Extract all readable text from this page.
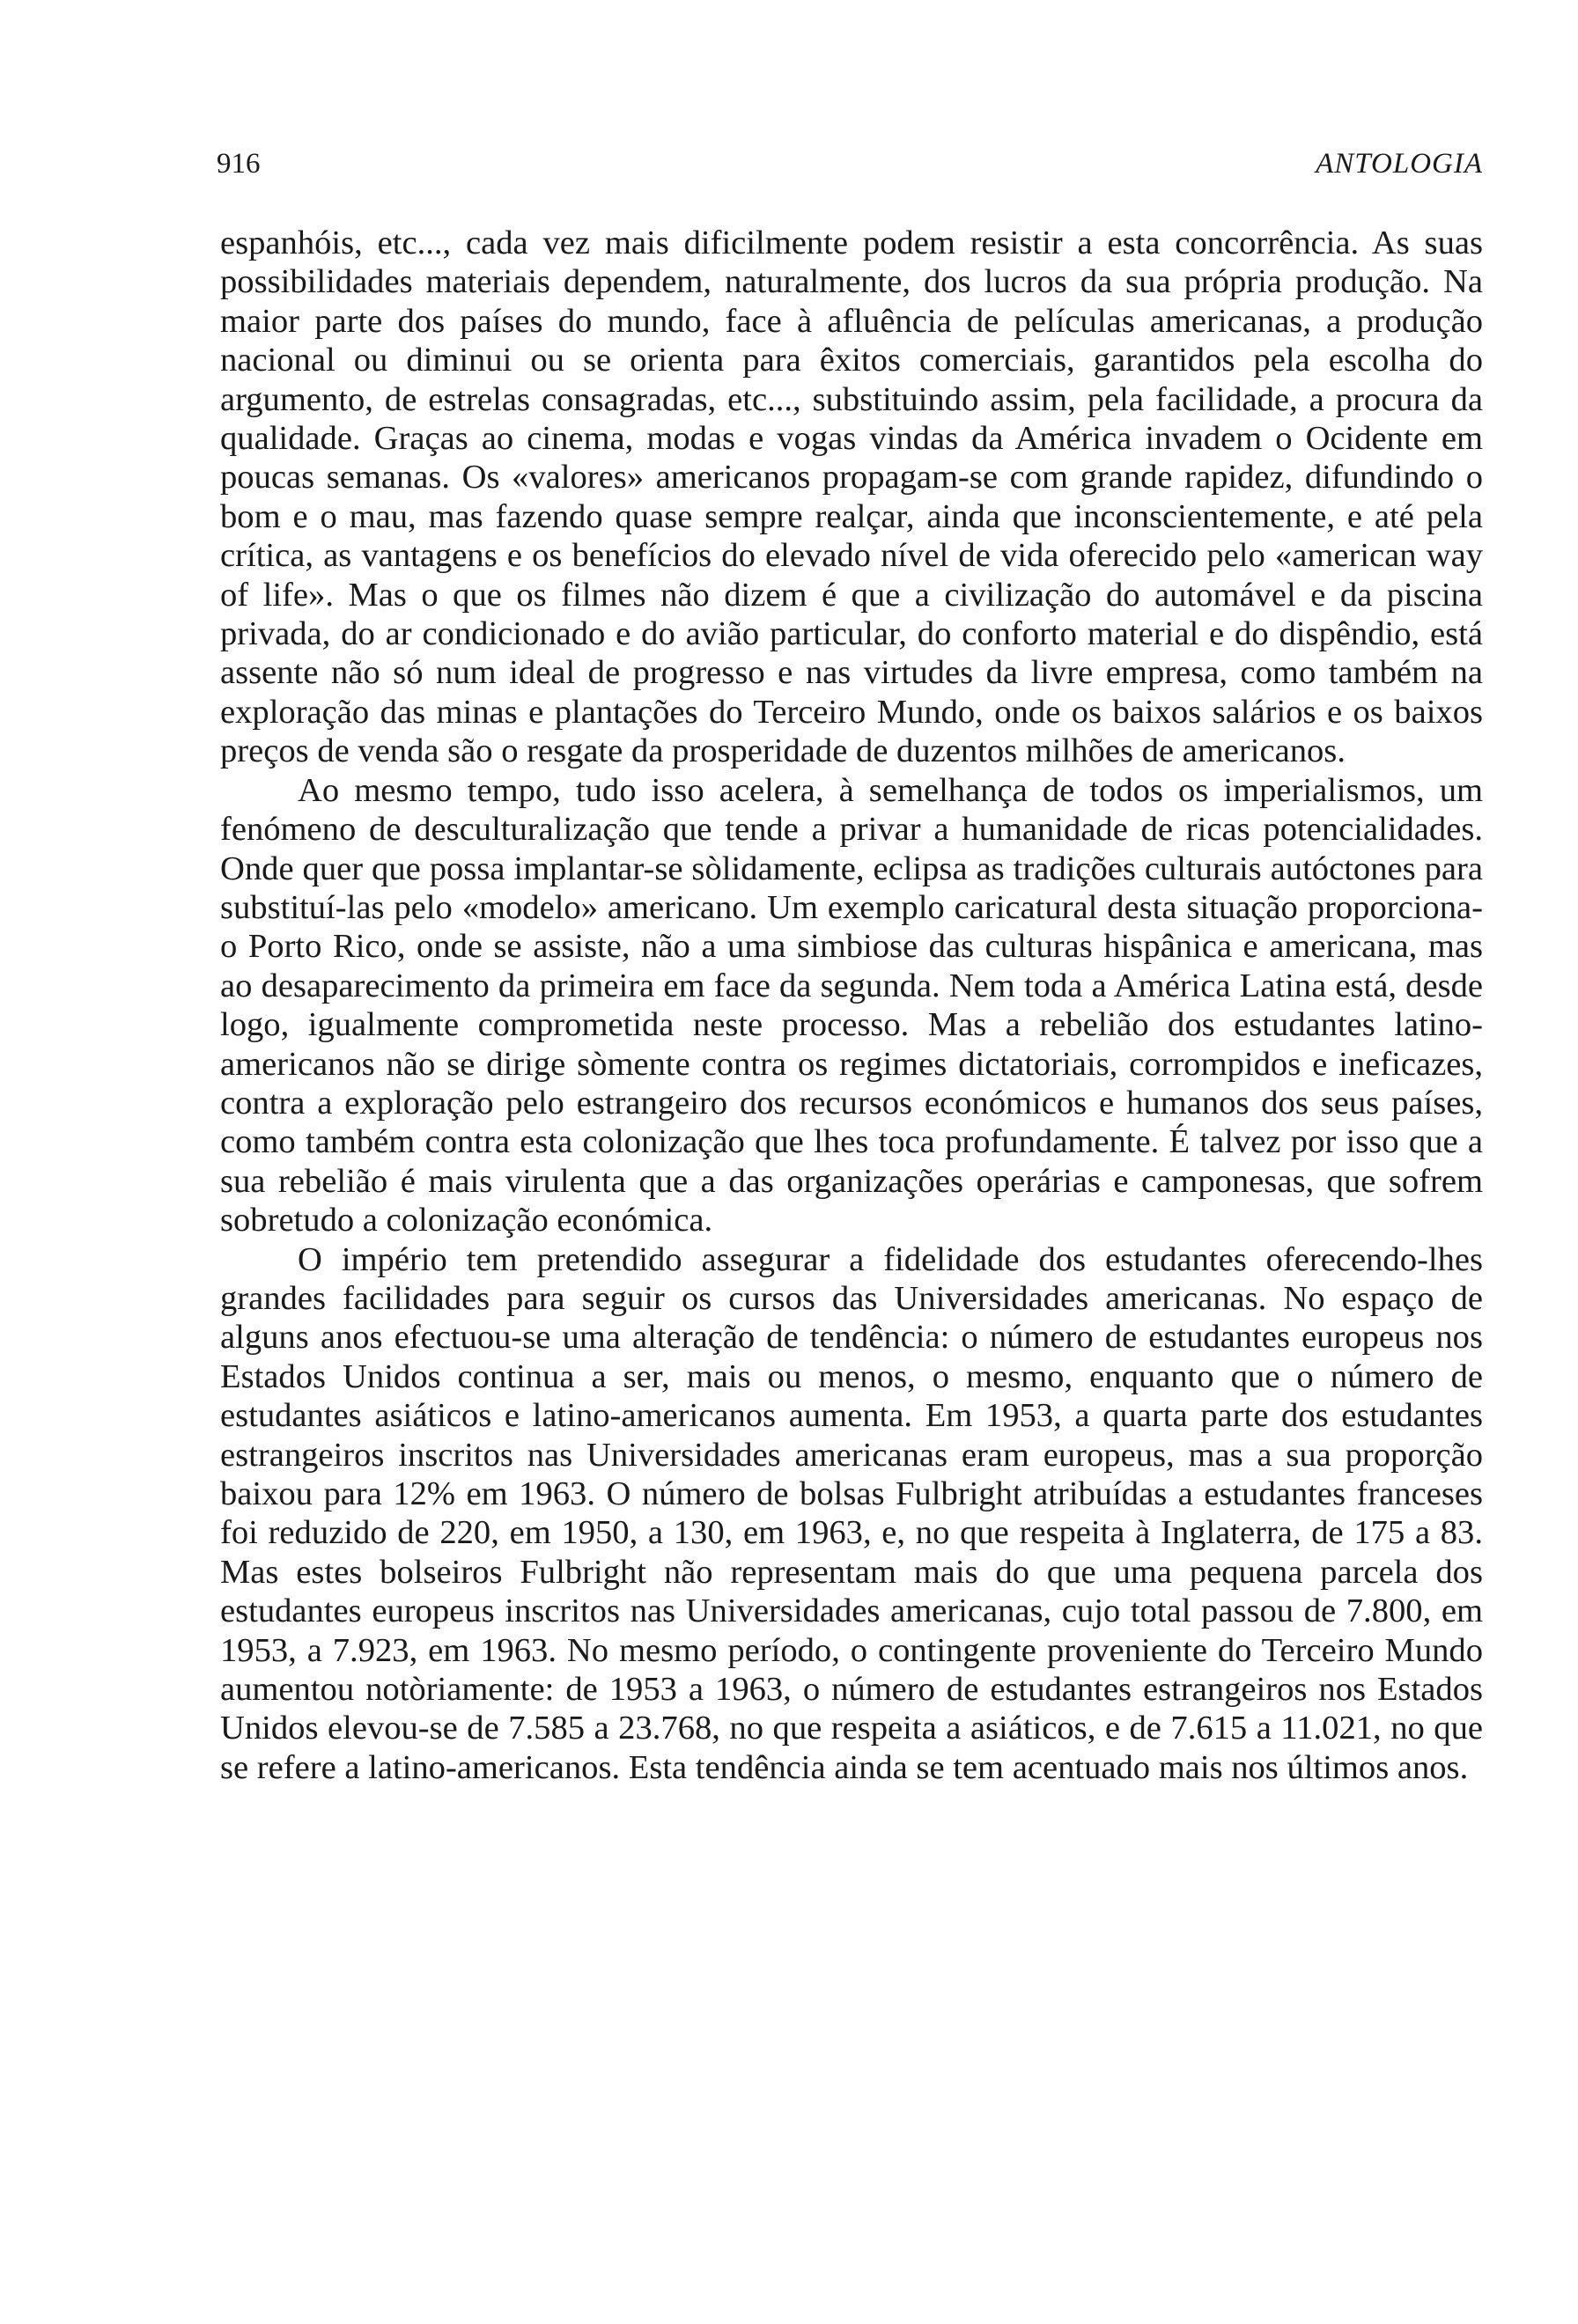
916	ANTOLOGIA

espanhóis, etc..., cada vez mais dificilmente podem resistir a esta concorrência. As suas possibilidades materiais dependem, naturalmente, dos lucros da sua própria produção. Na maior parte dos países do mundo, face à afluência de películas americanas, a produção nacional ou diminui ou se orienta para êxitos comerciais, garantidos pela escolha do argumento, de estrelas consagradas, etc..., substituindo assim, pela facilidade, a procura da qualidade. Graças ao cinema, modas e vogas vindas da América invadem o Ocidente em poucas semanas. Os «valores» americanos propagam-se com grande rapidez, difundindo o bom e o mau, mas fazendo quase sempre realçar, ainda que inconscientemente, e até pela crítica, as vantagens e os benefícios do elevado nível de vida oferecido pelo «american way of life». Mas o que os filmes não dizem é que a civilização do automável e da piscina privada, do ar condicionado e do avião particular, do conforto material e do dispêndio, está assente não só num ideal de progresso e nas virtudes da livre empresa, como também na exploração das minas e plantações do Terceiro Mundo, onde os baixos salários e os baixos preços de venda são o resgate da prosperidade de duzentos milhões de americanos.

Ao mesmo tempo, tudo isso acelera, à semelhança de todos os imperialismos, um fenómeno de desculturalização que tende a privar a humanidade de ricas potencialidades. Onde quer que possa implantar-se sòlidamente, eclipsa as tradições culturais autóctones para substituí-las pelo «modelo» americano. Um exemplo caricatural desta situação proporciona-o Porto Rico, onde se assiste, não a uma simbiose das culturas hispânica e americana, mas ao desaparecimento da primeira em face da segunda. Nem toda a América Latina está, desde logo, igualmente comprometida neste processo. Mas a rebelião dos estudantes latino-americanos não se dirige sòmente contra os regimes dictatoriais, corrompidos e ineficazes, contra a exploração pelo estrangeiro dos recursos económicos e humanos dos seus países, como também contra esta colonização que lhes toca profundamente. É talvez por isso que a sua rebelião é mais virulenta que a das organizações operárias e camponesas, que sofrem sobretudo a colonização económica.

O império tem pretendido assegurar a fidelidade dos estudantes oferecendo-lhes grandes facilidades para seguir os cursos das Universidades americanas. No espaço de alguns anos efectuou-se uma alteração de tendência: o número de estudantes europeus nos Estados Unidos continua a ser, mais ou menos, o mesmo, enquanto que o número de estudantes asiáticos e latino-americanos aumenta. Em 1953, a quarta parte dos estudantes estrangeiros inscritos nas Universidades americanas eram europeus, mas a sua proporção baixou para 12% em 1963. O número de bolsas Fulbright atribuídas a estudantes franceses foi reduzido de 220, em 1950, a 130, em 1963, e, no que respeita à Inglaterra, de 175 a 83. Mas estes bolseiros Fulbright não representam mais do que uma pequena parcela dos estudantes europeus inscritos nas Universidades americanas, cujo total passou de 7.800, em 1953, a 7.923, em 1963. No mesmo período, o contingente proveniente do Terceiro Mundo aumentou notòriamente: de 1953 a 1963, o número de estudantes estrangeiros nos Estados Unidos elevou-se de 7.585 a 23.768, no que respeita a asiáticos, e de 7.615 a 11.021, no que se refere a latino-americanos. Esta tendência ainda se tem acentuado mais nos últimos anos.
